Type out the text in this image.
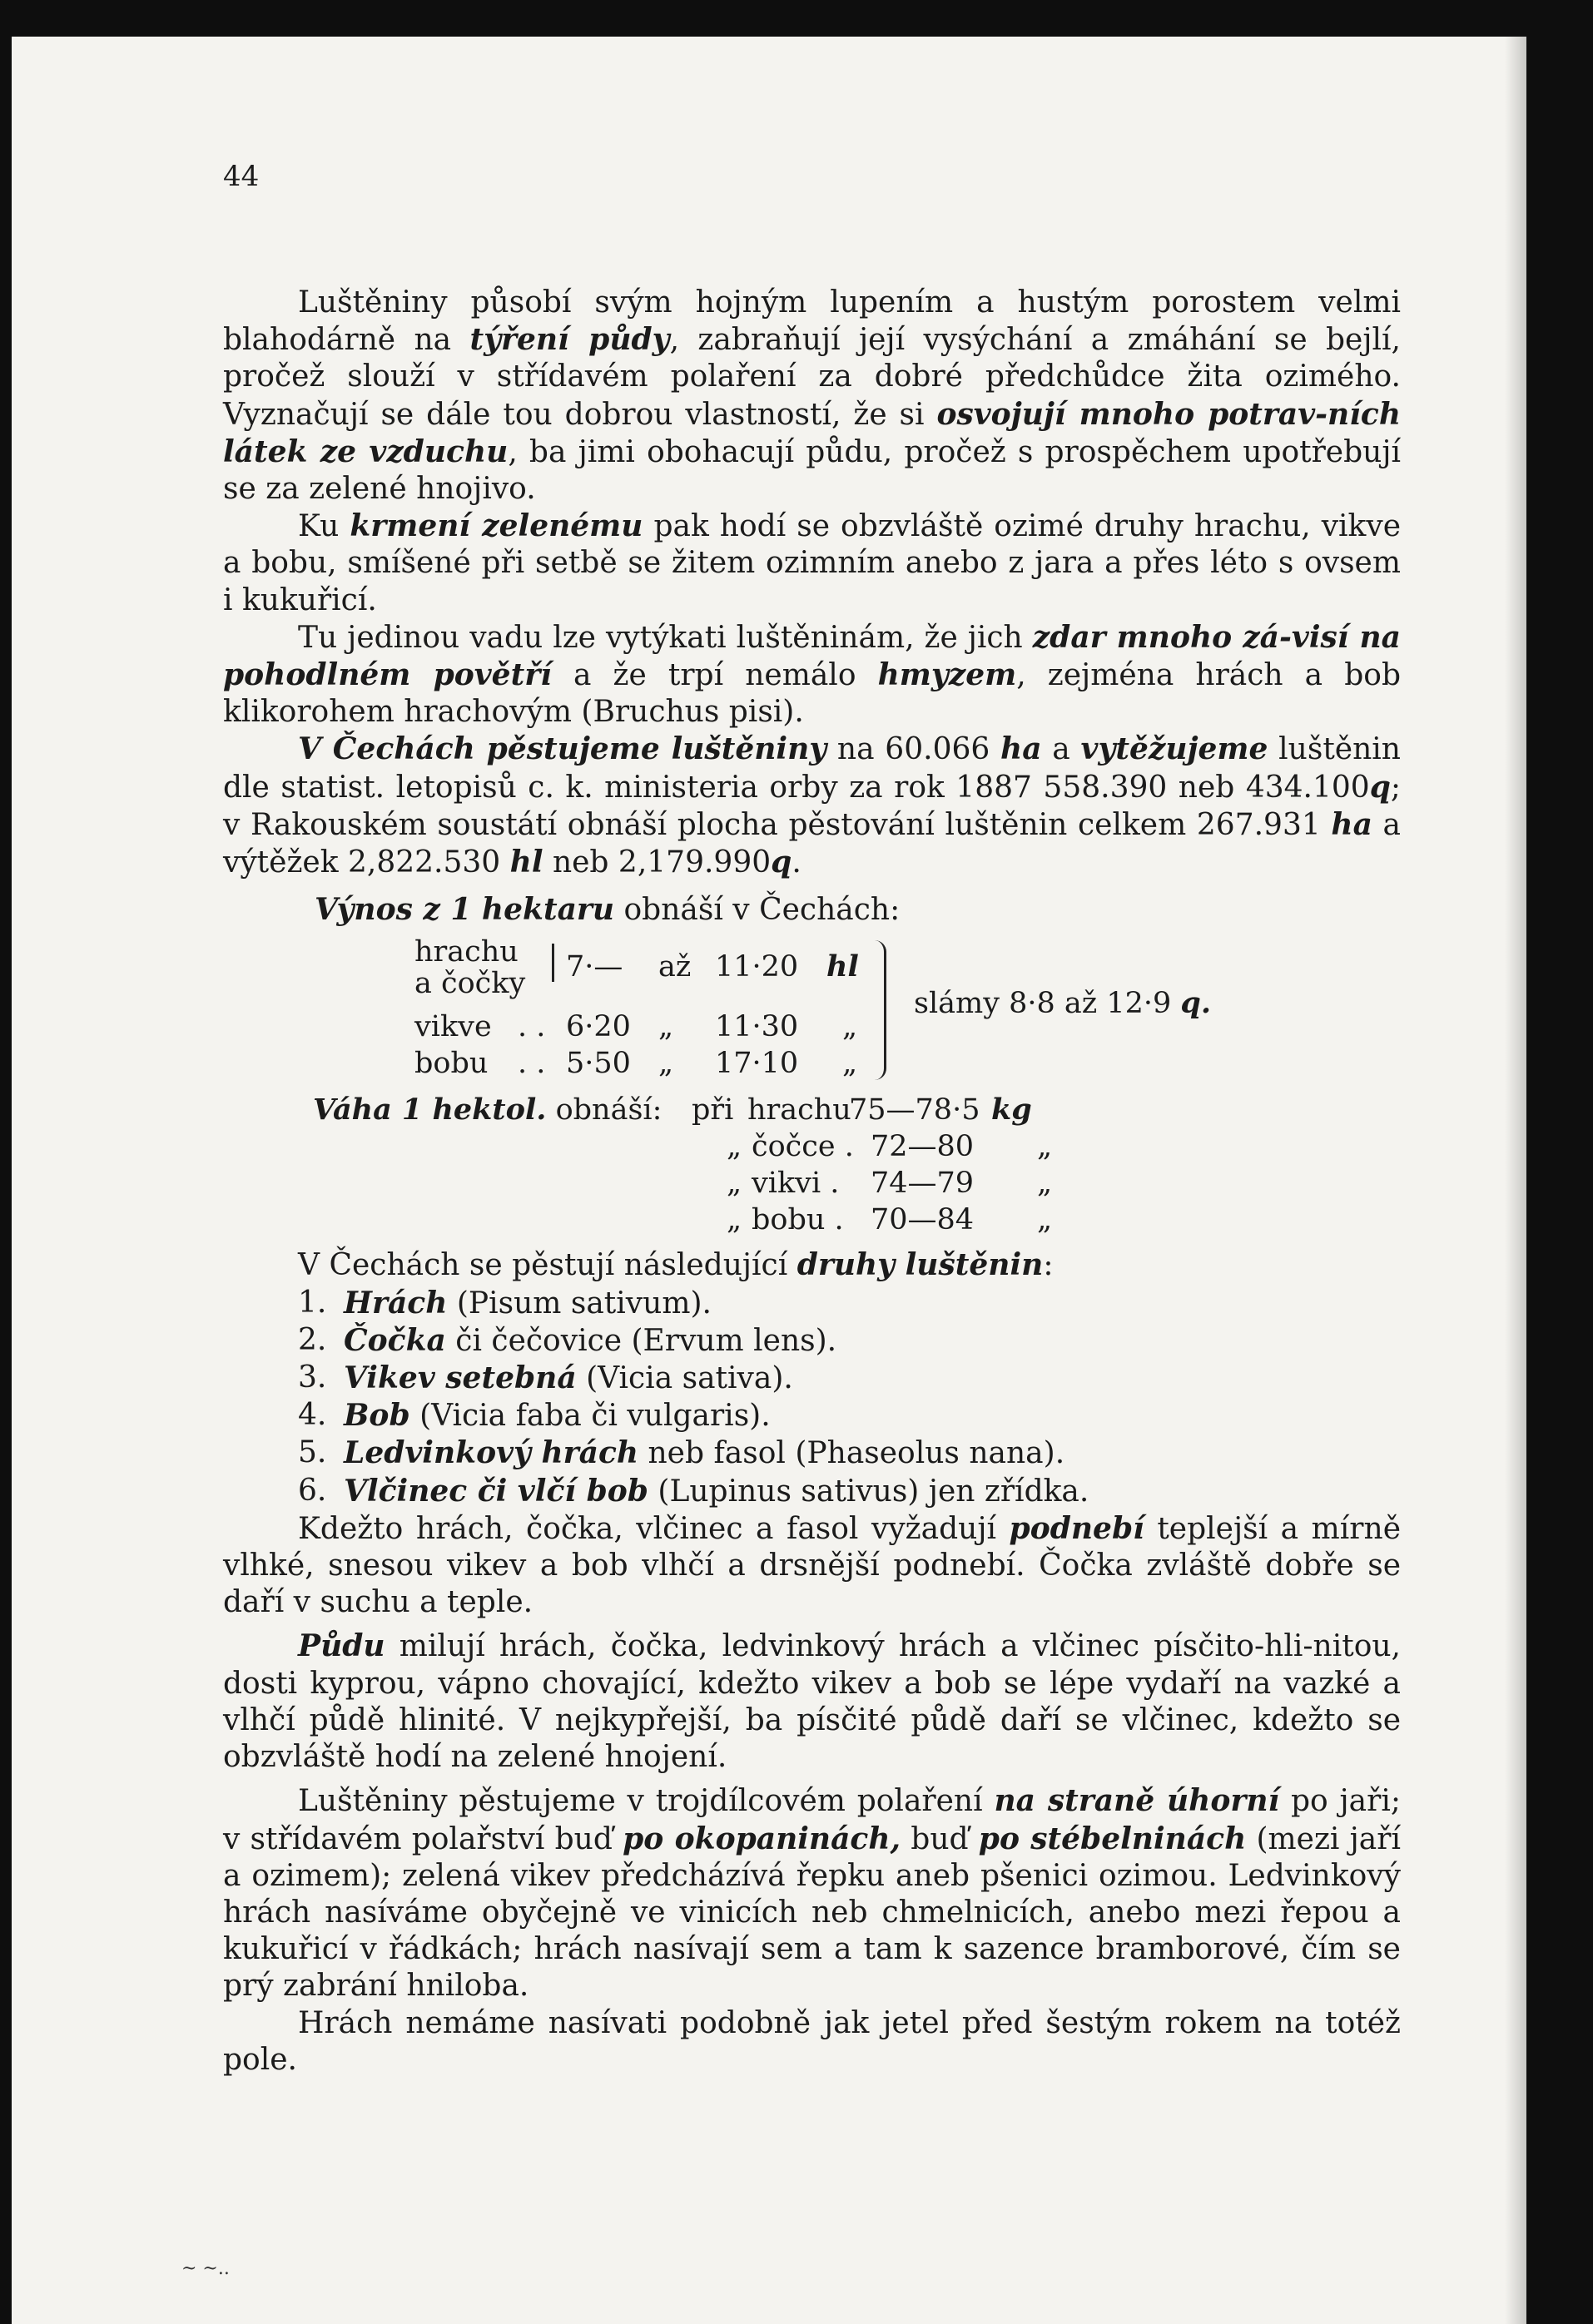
44

Luštěniny působí svým hojným lupením a hustým porostem velmi blahodárně na týření půdy, zabraňují její vysýchání a zmáhání se bejlí, pročež slouží v střídavém polaření za dobré předchůdce žita ozimého. Vyznačují se dále tou dobrou vlastností, že si osvojují mnoho potrav-ních látek ze vzduchu, ba jimi obohacují půdu, pročež s prospěchem upotřebují se za zelené hnojivo.

Ku krmení zelenému pak hodí se obzvláště ozimé druhy hrachu, vikve a bobu, smíšené při setbě se žitem ozimním anebo z jara a přes léto s ovsem i kukuřicí.

Tu jedinou vadu lze vytýkati luštěninám, že jich zdar mnoho zá-visí na pohodlném povětří a že trpí nemálo hmyzem, zejména hrách a bob klikorohem hrachovým (Bruchus pisi).

V Čechách pěstujeme luštěniny na 60.066 ha a vytěžujeme luštěnin dle statist. letopisů c. k. ministeria orby za rok 1887 558.390 neb 434.100q; v Rakouském soustátí obnáší plocha pěstování luštěnin celkem 267.931 ha a výtěžek 2,822.530 hl neb 2,179.990q.

Výnos z 1 hektaru obnáší v Čechách:
hrachu
a čočky 7·— až 11·20 hl
vikve . . 6·20 „ 11·30 „
bobu . . 5·50 „ 17·10 „
slámy 8·8 až 12·9 q.
Váha 1 hektol. obnáší: při hrachu
75—78·5 kg
„ čočce . 72—80 „
„ vikvi . 74—79 „
„ bobu . 70—84 „

V Čechách se pěstují následující druhy luštěnin:

1. Hrách (Pisum sativum).
2. Čočka či čečovice (Ervum lens).
3. Vikev setebná (Vicia sativa).
4. Bob (Vicia faba či vulgaris).
5. Ledvinkový hrách neb fasol (Phaseolus nana).
6. Vlčinec či vlčí bob (Lupinus sativus) jen zřídka.

Kdežto hrách, čočka, vlčinec a fasol vyžadují podnebí teplejší a mírně vlhké, snesou vikev a bob vlhčí a drsnější podnebí. Čočka zvláště dobře se daří v suchu a teple.

Půdu milují hrách, čočka, ledvinkový hrách a vlčinec písčito-hli-nitou, dosti kyprou, vápno chovající, kdežto vikev a bob se lépe vydaří na vazké a vlhčí půdě hlinité. V nejkypřejší, ba písčité půdě daří se vlčinec, kdežto se obzvláště hodí na zelené hnojení.

Luštěniny pěstujeme v trojdílcovém polaření na straně úhorní po jaři; v střídavém polařství buď po okopaninách, buď po stébelninách (mezi jaří a ozimem); zelená vikev předcházívá řepku aneb pšenici ozimou. Ledvinkový hrách nasíváme obyčejně ve vinicích neb chmelnicích, anebo mezi řepou a kukuřicí v řádkách; hrách nasívají sem a tam k sazence bramborové, čím se prý zabrání hniloba.

Hrách nemáme nasívati podobně jak jetel před šestým rokem na totéž pole.

~ ~..
